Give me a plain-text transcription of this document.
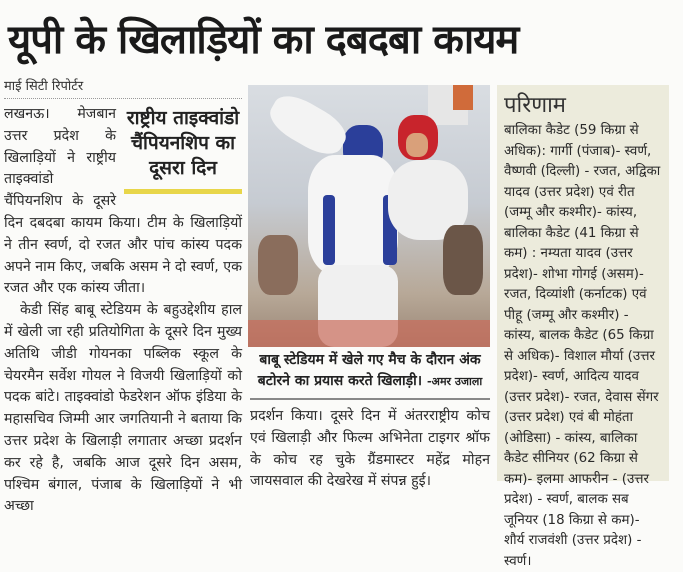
यूपी के खिलाड़ियों का दबदबा कायम
माई सिटी रिपोर्टर
राष्ट्रीय ताइक्वांडो चैंपियनशिप का दूसरा दिन

लखनऊ। मेजबान उत्तर प्रदेश के खिलाड़ियों ने राष्ट्रीय ताइक्वांडो चैंपियनशिप के दूसरे दिन दबदबा कायम किया। टीम के खिलाड़ियों ने तीन स्वर्ण, दो रजत और पांच कांस्य पदक अपने नाम किए, जबकि असम ने दो स्वर्ण, एक रजत और एक कांस्य जीता।

केडी सिंह बाबू स्टेडियम के बहुउद्देशीय हाल में खेली जा रही प्रतियोगिता के दूसरे दिन मुख्य अतिथि जीडी गोयनका पब्लिक स्कूल के चेयरमैन सर्वेश गोयल ने विजयी खिलाड़ियों को पदक बांटे। ताइक्वांडो फेडरेशन ऑफ इंडिया के महासचिव जिम्मी आर जगतियानी ने बताया कि उत्तर प्रदेश के खिलाड़ी लगातार अच्छा प्रदर्शन कर रहे है, जबकि आज दूसरे दिन असम, पश्चिम बंगाल, पंजाब के खिलाड़ियों ने भी अच्छा

बाबू स्टेडियम में खेले गए मैच के दौरान अंक बटोरने का प्रयास करते खिलाड़ी। -अमर उजाला

प्रदर्शन किया। दूसरे दिन में अंतरराष्ट्रीय कोच एवं खिलाड़ी और फिल्म अभिनेता टाइगर श्रॉफ के कोच रह चुके ग्रैंडमास्टर महेंद्र मोहन जायसवाल की देखरेख में संपन्न हुई।

परिणाम
बालिका कैडेट (59 किग्रा से अधिक): गार्गी (पंजाब)- स्वर्ण, वैष्णवी (दिल्ली) - रजत, अद्विका यादव (उत्तर प्रदेश) एवं रीत (जम्मू और कश्मीर)- कांस्य, बालिका कैडेट (41 किग्रा से कम) : नम्यता यादव (उत्तर प्रदेश)- शोभा गोगई (असम)- रजत, दिव्यांशी (कर्नाटक) एवं पीहू (जम्मू और कश्मीर) - कांस्य, बालक कैडेट (65 किग्रा से अधिक)- विशाल मौर्या (उत्तर प्रदेश)- स्वर्ण, आदित्य यादव (उत्तर प्रदेश)- रजत, देवास सेंगर (उत्तर प्रदेश) एवं बी मोहंता (ओडिसा) - कांस्य, बालिका कैडेट सीनियर (62 किग्रा से कम)- इलमा आफरीन - (उत्तर प्रदेश) - स्वर्ण, बालक सब जूनियर (18 किग्रा से कम)- शौर्य राजवंशी (उत्तर प्रदेश) - स्वर्ण।
